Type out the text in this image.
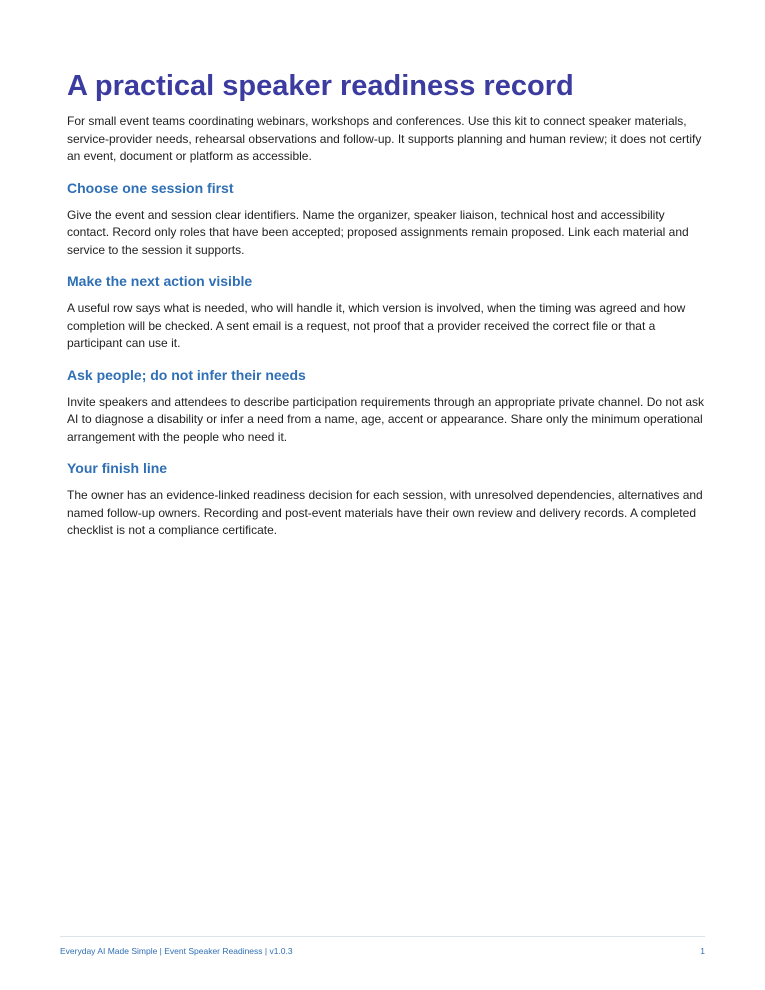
A practical speaker readiness record

For small event teams coordinating webinars, workshops and conferences. Use this kit to connect speaker materials, service-provider needs, rehearsal observations and follow-up. It supports planning and human review; it does not certify an event, document or platform as accessible.

Choose one session first

Give the event and session clear identifiers. Name the organizer, speaker liaison, technical host and accessibility contact. Record only roles that have been accepted; proposed assignments remain proposed. Link each material and service to the session it supports.

Make the next action visible

A useful row says what is needed, who will handle it, which version is involved, when the timing was agreed and how completion will be checked. A sent email is a request, not proof that a provider received the correct file or that a participant can use it.

Ask people; do not infer their needs

Invite speakers and attendees to describe participation requirements through an appropriate private channel. Do not ask AI to diagnose a disability or infer a need from a name, age, accent or appearance. Share only the minimum operational arrangement with the people who need it.

Your finish line

The owner has an evidence-linked readiness decision for each session, with unresolved dependencies, alternatives and named follow-up owners. Recording and post-event materials have their own review and delivery records. A completed checklist is not a compliance certificate.

Everyday AI Made Simple | Event Speaker Readiness | v1.0.3	1
